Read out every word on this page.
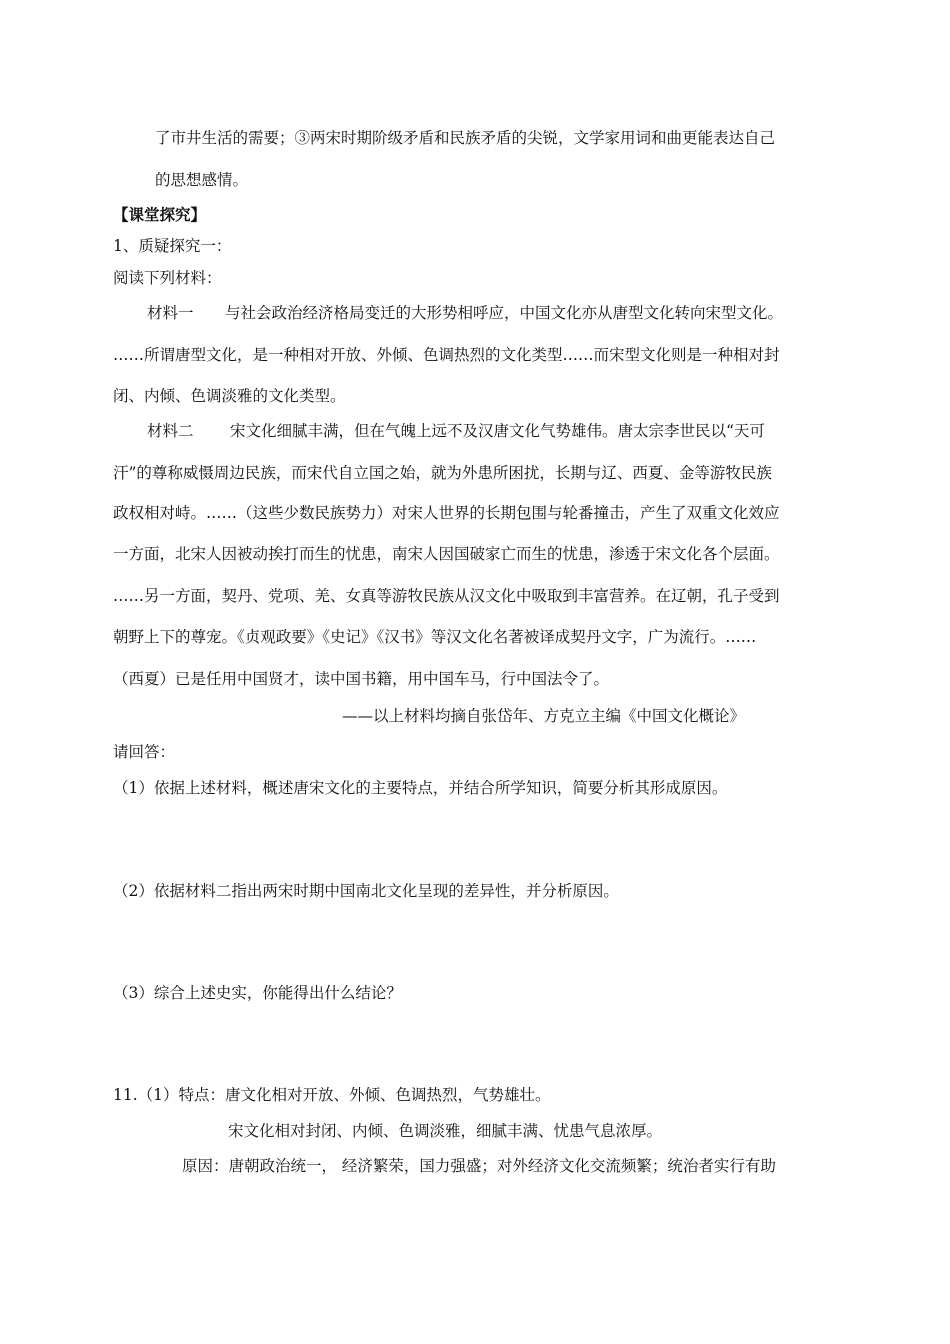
了市井生活的需要；③两宋时期阶级矛盾和民族矛盾的尖锐，文学家用词和曲更能表达自己
的思想感情。
【课堂探究】
1、质疑探究一：
阅读下列材料：
材料一 与社会政治经济格局变迁的大形势相呼应，中国文化亦从唐型文化转向宋型文化。
……所谓唐型文化，是一种相对开放、外倾、色调热烈的文化类型……而宋型文化则是一种相对封
闭、内倾、色调淡雅的文化类型。
材料二 宋文化细腻丰满，但在气魄上远不及汉唐文化气势雄伟。唐太宗李世民以“天可
汗”的尊称威慑周边民族，而宋代自立国之始，就为外患所困扰，长期与辽、西夏、金等游牧民族
政权相对峙。……（这些少数民族势力）对宋人世界的长期包围与轮番撞击，产生了双重文化效应
一方面，北宋人因被动挨打而生的忧患，南宋人因国破家亡而生的忧患，渗透于宋文化各个层面。
……另一方面，契丹、党项、羌、女真等游牧民族从汉文化中吸取到丰富营养。在辽朝，孔子受到
朝野上下的尊宠。《贞观政要》《史记》《汉书》等汉文化名著被译成契丹文字，广为流行。……
（西夏）已是任用中国贤才，读中国书籍，用中国车马，行中国法令了。
——以上材料均摘自张岱年、方克立主编《中国文化概论》
请回答：
（1）依据上述材料，概述唐宋文化的主要特点，并结合所学知识，简要分析其形成原因。
（2）依据材料二指出两宋时期中国南北文化呈现的差异性，并分析原因。
（3）综合上述史实，你能得出什么结论？
11.（1）特点：唐文化相对开放、外倾、色调热烈，气势雄壮。
宋文化相对封闭、内倾、色调淡雅，细腻丰满、忧患气息浓厚。
原因：唐朝政治统一， 经济繁荣，国力强盛；对外经济文化交流频繁；统治者实行有助
